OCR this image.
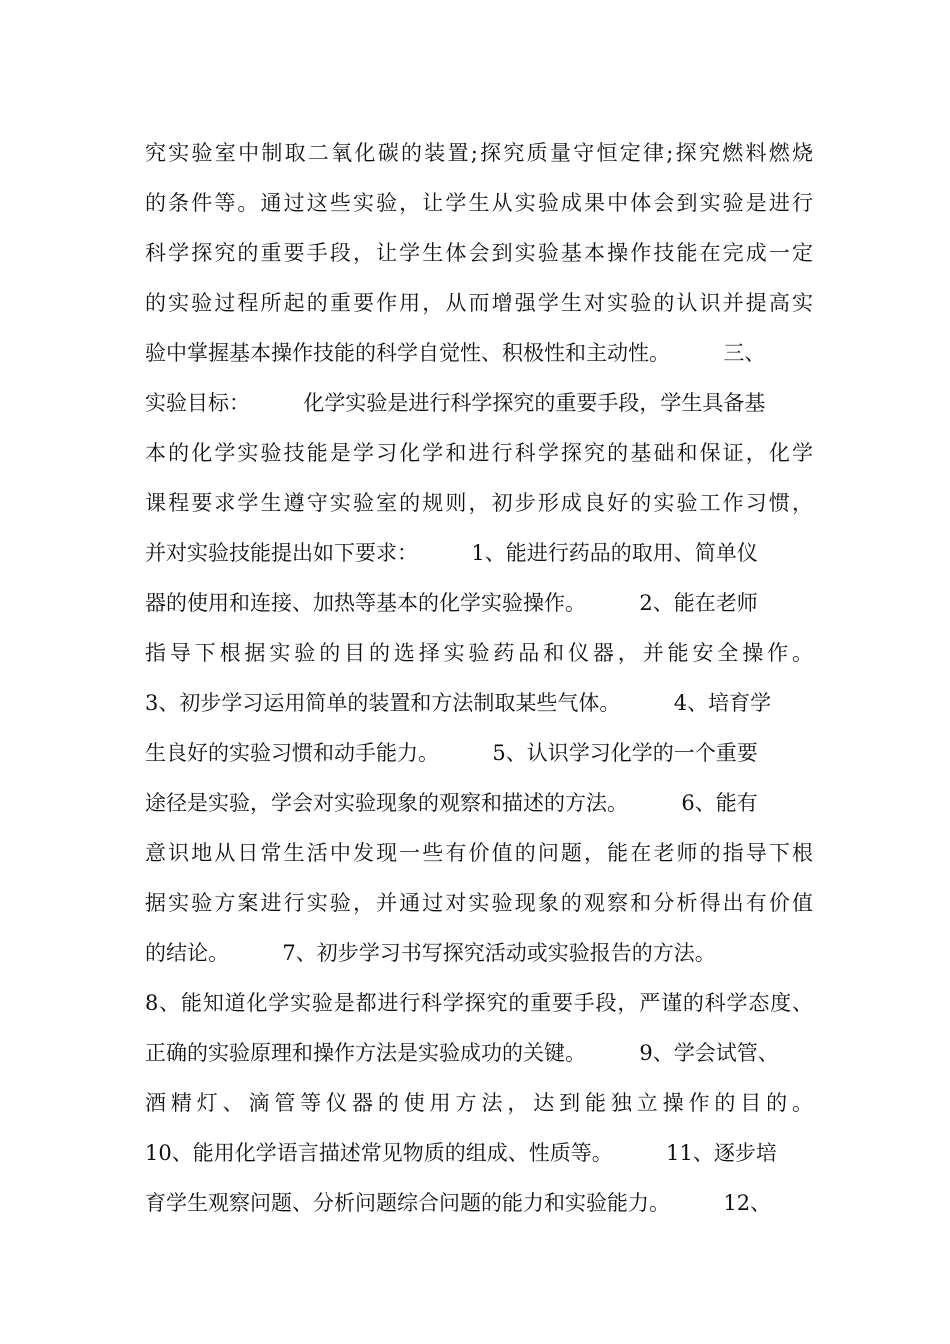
究实验室中制取二氧化碳的装置;探究质量守恒定律;探究燃料燃烧
的条件等。通过这些实验，让学生从实验成果中体会到实验是进行
科学探究的重要手段，让学生体会到实验基本操作技能在完成一定
的实验过程所起的重要作用，从而增强学生对实验的认识并提高实
验中掌握基本操作技能的科学自觉性、积极性和主动性。        三、
实验目标：        化学实验是进行科学探究的重要手段，学生具备基
本的化学实验技能是学习化学和进行科学探究的基础和保证，化学
课程要求学生遵守实验室的规则，初步形成良好的实验工作习惯，
并对实验技能提出如下要求：        1、能进行药品的取用、简单仪
器的使用和连接、加热等基本的化学实验操作。        2、能在老师
指导下根据实验的目的选择实验药品和仪器，并能安全操作。
3、初步学习运用简单的装置和方法制取某些气体。        4、培育学
生良好的实验习惯和动手能力。        5、认识学习化学的一个重要
途径是实验，学会对实验现象的观察和描述的方法。        6、能有
意识地从日常生活中发现一些有价值的问题，能在老师的指导下根
据实验方案进行实验，并通过对实验现象的观察和分析得出有价值
的结论。        7、初步学习书写探究活动或实验报告的方法。
8、能知道化学实验是都进行科学探究的重要手段，严谨的科学态度、
正确的实验原理和操作方法是实验成功的关键。        9、学会试管、
酒精灯、滴管等仪器的使用方法，达到能独立操作的目的。
10、能用化学语言描述常见物质的组成、性质等。        11、逐步培
育学生观察问题、分析问题综合问题的能力和实验能力。        12、
